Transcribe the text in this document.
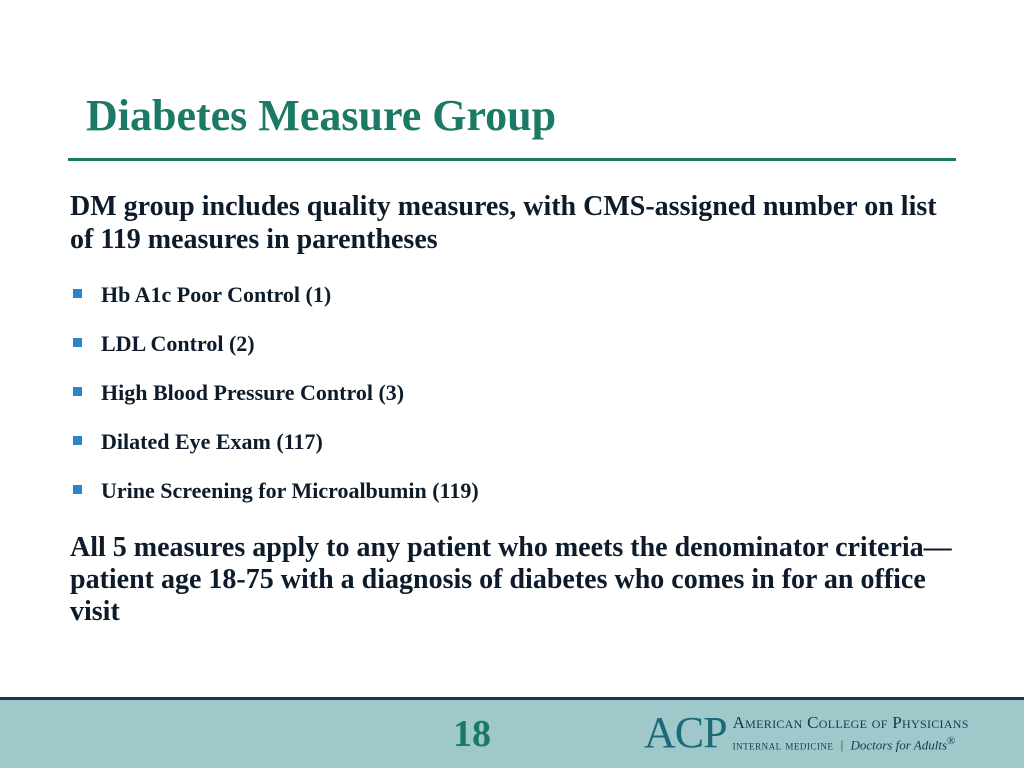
Diabetes Measure Group

DM group includes quality measures, with CMS-assigned number on list of 119 measures in parentheses

Hb A1c Poor Control (1)
LDL Control (2)
High Blood Pressure Control (3)
Dilated Eye Exam (117)
Urine Screening for Microalbumin (119)

All 5 measures apply to any patient who meets the denominator criteria—patient age 18-75 with a diagnosis of diabetes who comes in for an office visit

18	ACP American College of Physicians
internal medicine | Doctors for Adults®
